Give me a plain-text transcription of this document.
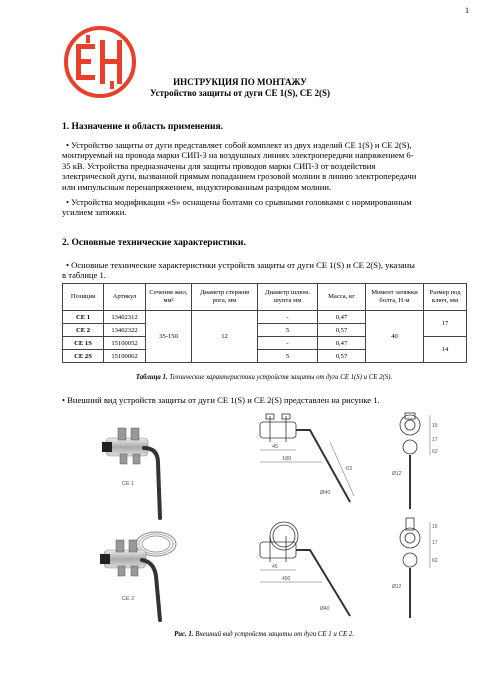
1
ИНСТРУКЦИЯ ПО МОНТАЖУ
Устройство защиты от дуги СЕ 1(S), СЕ 2(S)
1. Назначение и область применения.
• Устройство защиты от дуги представляет собой комплект из двух изделий СЕ 1(S) и СЕ 2(S),
монтируемый на провода марки СИП-3 на воздушных линиях электропередачи напряжением 6-
35 кВ. Устройства предназначены для защиты проводов марки СИП-3 от воздействия
электрической дуги, вызванной прямым попаданием грозовой молнии в линию электропередачи
или импульсным перенапряжением, индуктированным разрядом молнии.
• Устройства модификации «S» оснащены болтами со срывными головками с нормированным
усилием затяжки.
2. Основные технические характеристики.
• Основные технические характеристики устройств защиты от дуги СЕ 1(S) и СЕ 2(S), указаны
в таблице 1.
Позиция	Артикул	Сечения жил, мм²	Диаметр стержня рога, мм	Диаметр шлюм. шунта мм	Масса, кг	Момент затяжки болта, Н·м	Размер под ключ, мм
СЕ 1	13402312	35-150	12	-	0,47	40	17
СЕ 2	13402322			5	0,57		
СЕ 1S	15100052			-	0,47		14
СЕ 2S	15100062			5	0,57		
Таблица 1. Технические характеристики устройств защиты от дуги СЕ 1(S) и СЕ 2(S).
• Внешний вид устройств защиты от дуги СЕ 1(S) и СЕ 2(S) представлен на рисунке 1.
CE 1
CE 2
45
180
63
Ø40
15
17
62
Ø12
45
400
Ø40
15
17
62
Ø12
Рис. 1. Внешний вид устройств защиты от дуги СЕ 1 и СЕ 2.
